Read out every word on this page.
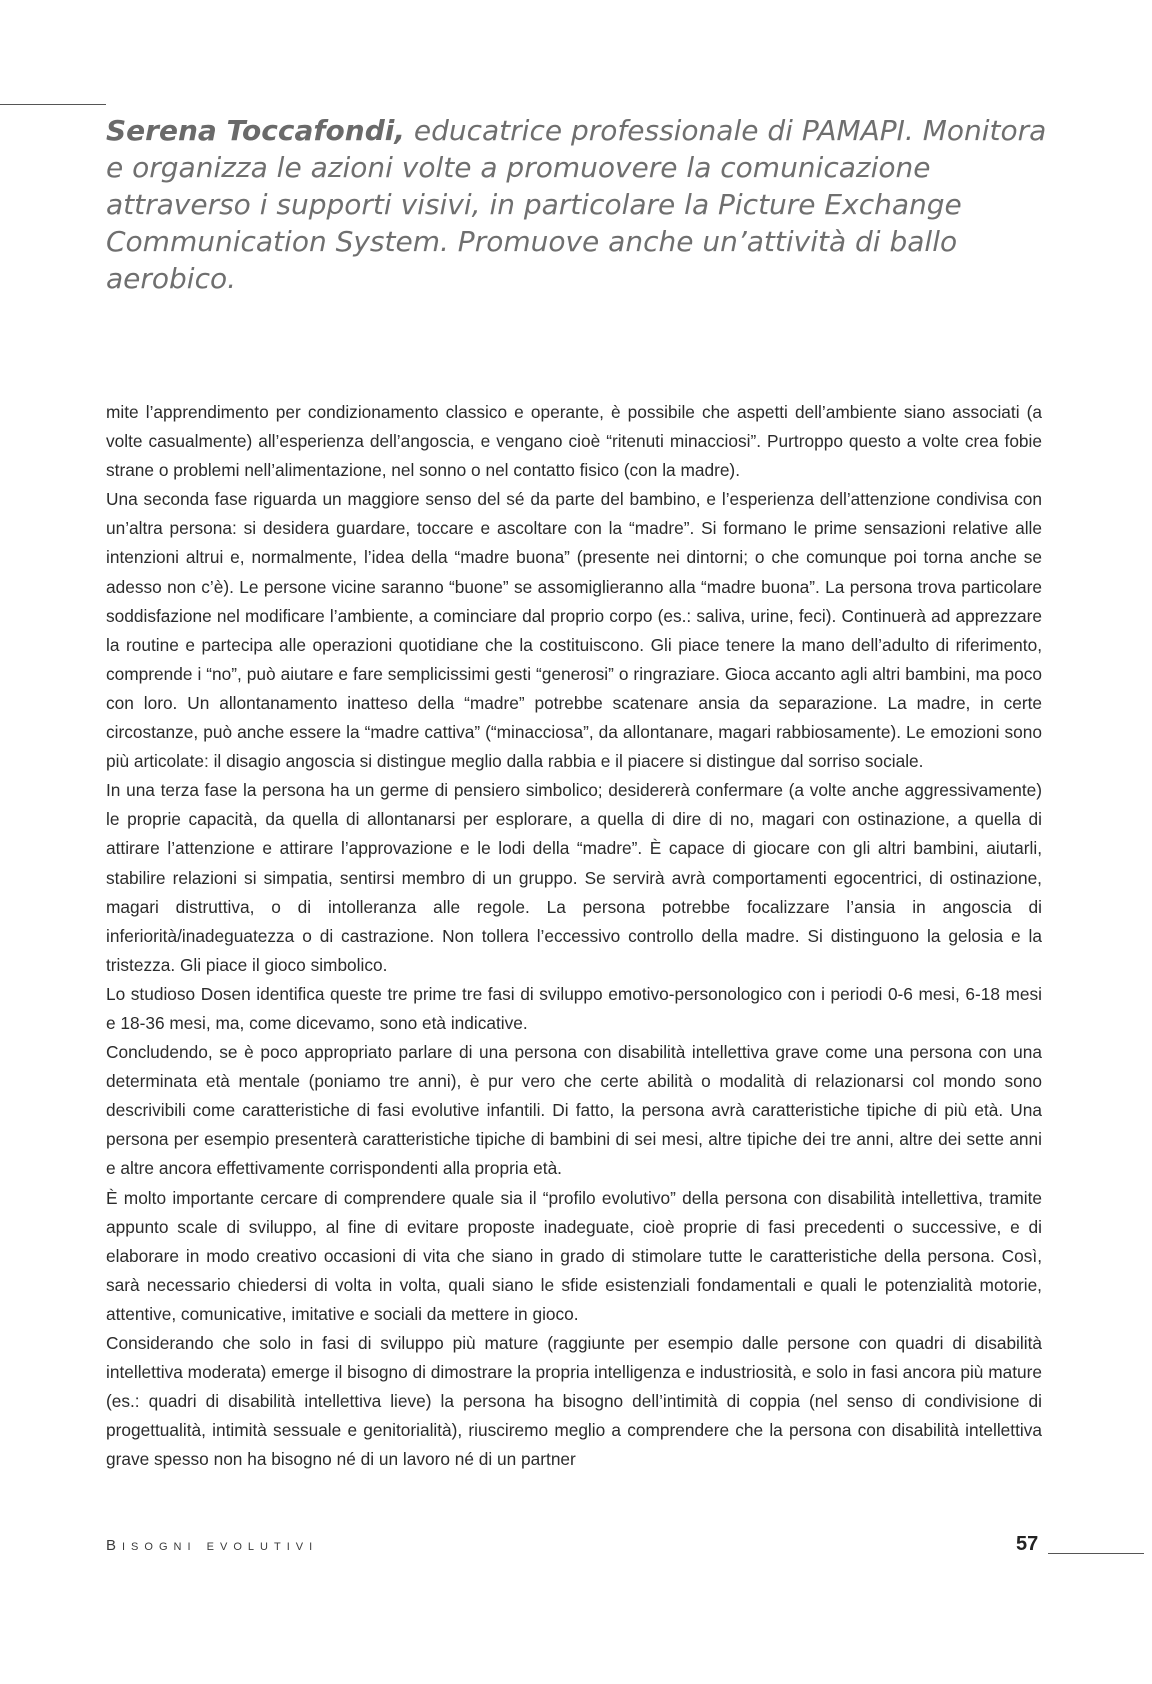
Serena Toccafondi, educatrice professionale di PAMAPI. Monitora e organizza le azioni volte a promuovere la comunicazione attraverso i supporti visivi, in particolare la Picture Exchange Communication System. Promuove anche un’attività di ballo aerobico.

mite l’apprendimento per condizionamento classico e operante, è possibile che aspetti dell’ambiente siano associati (a volte casualmente) all’esperienza dell’angoscia, e vengano cioè “ritenuti minacciosi”. Purtroppo questo a volte crea fobie strane o problemi nell’alimentazione, nel sonno o nel contatto fisico (con la madre).

Una seconda fase riguarda un maggiore senso del sé da parte del bambino, e l’esperienza dell’attenzione condivisa con un’altra persona: si desidera guardare, toccare e ascoltare con la “madre”. Si formano le prime sensazioni relative alle intenzioni altrui e, normalmente, l’idea della “madre buona” (presente nei dintorni; o che comunque poi torna anche se adesso non c’è). Le persone vicine saranno “buone” se assomiglieranno alla “madre buona”. La persona trova particolare soddisfazione nel modificare l’ambiente, a cominciare dal proprio corpo (es.: saliva, urine, feci). Continuerà ad apprezzare la routine e partecipa alle operazioni quotidiane che la costituiscono. Gli piace tenere la mano dell’adulto di riferimento, comprende i “no”, può aiutare e fare semplicissimi gesti “generosi” o ringraziare. Gioca accanto agli altri bambini, ma poco con loro. Un allontanamento inatteso della “madre” potrebbe scatenare ansia da separazione. La madre, in certe circostanze, può anche essere la “madre cattiva” (“minacciosa”, da allontanare, magari rabbiosamente). Le emozioni sono più articolate: il disagio angoscia si distingue meglio dalla rabbia e il piacere si distingue dal sorriso sociale.

In una terza fase la persona ha un germe di pensiero simbolico; desidererà confermare (a volte anche aggressivamente) le proprie capacità, da quella di allontanarsi per esplorare, a quella di dire di no, magari con ostinazione, a quella di attirare l’attenzione e attirare l’approvazione e le lodi della “madre”. È capace di giocare con gli altri bambini, aiutarli, stabilire relazioni si simpatia, sentirsi membro di un gruppo. Se servirà avrà comportamenti egocentrici, di ostinazione, magari distruttiva, o di intolleranza alle regole. La persona potrebbe focalizzare l’ansia in angoscia di inferiorità/inadeguatezza o di castrazione. Non tollera l’eccessivo controllo della madre. Si distinguono la gelosia e la tristezza. Gli piace il gioco simbolico.

Lo studioso Dosen identifica queste tre prime tre fasi di sviluppo emotivo-personologico con i periodi 0-6 mesi, 6-18 mesi e 18-36 mesi, ma, come dicevamo, sono età indicative.

Concludendo, se è poco appropriato parlare di una persona con disabilità intellettiva grave come una persona con una determinata età mentale (poniamo tre anni), è pur vero che certe abilità o modalità di relazionarsi col mondo sono descrivibili come caratteristiche di fasi evolutive infantili. Di fatto, la persona avrà caratteristiche tipiche di più età. Una persona per esempio presenterà caratteristiche tipiche di bambini di sei mesi, altre tipiche dei tre anni, altre dei sette anni e altre ancora effettivamente corrispondenti alla propria età.

È molto importante cercare di comprendere quale sia il “profilo evolutivo” della persona con disabilità intellettiva, tramite appunto scale di sviluppo, al fine di evitare proposte inadeguate, cioè proprie di fasi precedenti o successive, e di elaborare in modo creativo occasioni di vita che siano in grado di stimolare tutte le caratteristiche della persona. Così, sarà necessario chiedersi di volta in volta, quali siano le sfide esistenziali fondamentali e quali le potenzialità motorie, attentive, comunicative, imitative e sociali da mettere in gioco.

Considerando che solo in fasi di sviluppo più mature (raggiunte per esempio dalle persone con quadri di disabilità intellettiva moderata) emerge il bisogno di dimostrare la propria intelligenza e industriosità, e solo in fasi ancora più mature (es.: quadri di disabilità intellettiva lieve) la persona ha bisogno dell’intimità di coppia (nel senso di condivisione di progettualità, intimità sessuale e genitorialità), riusciremo meglio a comprendere che la persona con disabilità intellettiva grave spesso non ha bisogno né di un lavoro né di un partner

Bisogni evolutivi	57
